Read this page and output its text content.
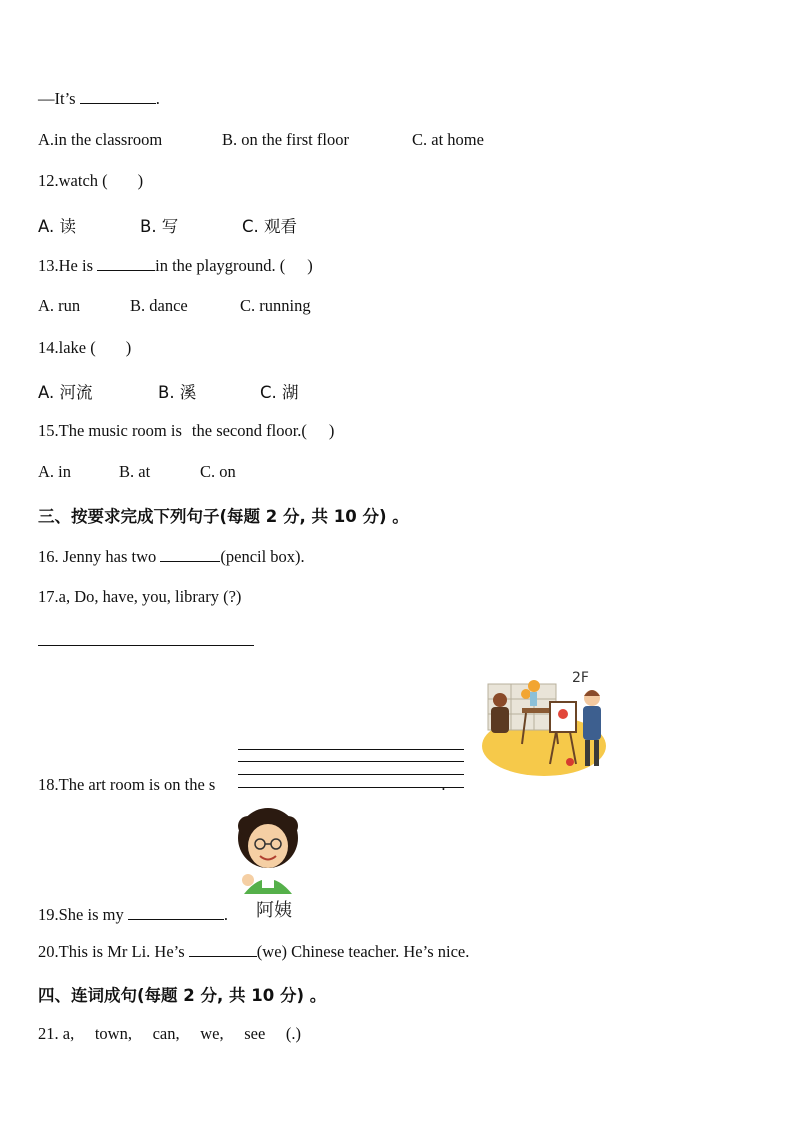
—It’s	.
A.in the classroom	B. on the first floor	C. at home
12.watch ( )
A. 读	B. 写	C. 观看
13.He is	in the playground. ( )
A. run	B. dance	C. running
14.lake ( )
A. 河流	B. 溪	C. 湖
15.The music room is the second floor.( )
A. in	B. at	C. on
三、按要求完成下列句子(每题 2 分, 共 10 分) 。
16. Jenny has two	(pencil box).
17.a, Do, have, you, library (?)
18.The art room is on the s	.
2F
19.She is my	. 阿姨
20.This is Mr Li. He’s	(we) Chinese teacher. He’s nice.
四、连词成句(每题 2 分, 共 10 分) 。
21. a,     town,     can,     we,     see     (.)
